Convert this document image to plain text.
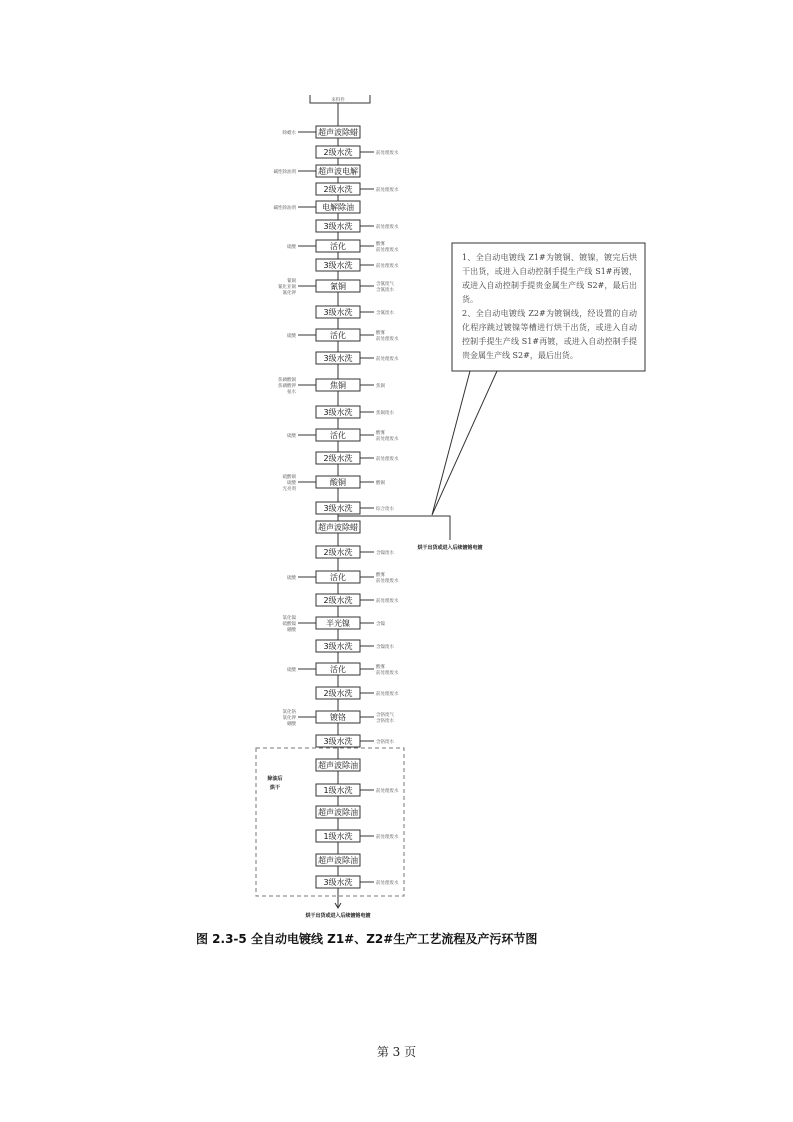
来料件
超声波除蜡
除蜡水
2级水洗	前处理废水
超声波电解
碱性除油剂
2级水洗	前处理废水
电解除油
碱性除油剂
3级水洗	前处理废水
活化
硫酸
酸雾
前处理废水
3级水洗	前处理废水
氰铜
氰铜
氰化亚铜
氰化钾
含氰废气
含氰废水
3级水洗	含氰废水
活化
硫酸
酸雾
前处理废水
3级水洗	前处理废水
焦铜
焦磷酸铜
焦磷酸钾
氨水
焦铜
3级水洗	焦铜废水
活化
硫酸
酸雾
前处理废水
2级水洗	前处理废水
酸铜
硫酸铜
硫酸
光亮剂
酸铜
3级水洗	综合废水
超声波除蜡
2级水洗	含镍废水
活化
硫酸
酸雾
前处理废水
2级水洗	前处理废水
半光镍
氯化镍
硫酸镍
硼酸
含镍
3级水洗	含镍废水
活化
硫酸
酸雾
前处理废水
2级水洗	前处理废水
镀铬
氯化铬
氯化钾
硼酸
含铬废气
含铬废水
3级水洗	含铬废水
超声波除油
1级水洗	前处理废水
超声波除油
1级水洗	前处理废水
超声波除油
3级水洗	前处理废水
烘干出货或进入后续镀铬电镀
除油后
烘干
烘干出货或进入后续镀铬电镀

1、全自动电镀线 Z1#为镀铜、镀镍，镀完后烘干出货，或进入自动控制手提生产线 S1#再镀，或进入自动控制手提贵金属生产线 S2#，最后出货。

2、全自动电镀线 Z2#为镀铜线，经设置的自动化程序跳过镀镍等槽进行烘干出货，或进入自动控制手提生产线 S1#再镀，或进入自动控制手提贵金属生产线 S2#，最后出货。

图 2.3-5 全自动电镀线 Z1#、Z2#生产工艺流程及产污环节图
第 3 页
